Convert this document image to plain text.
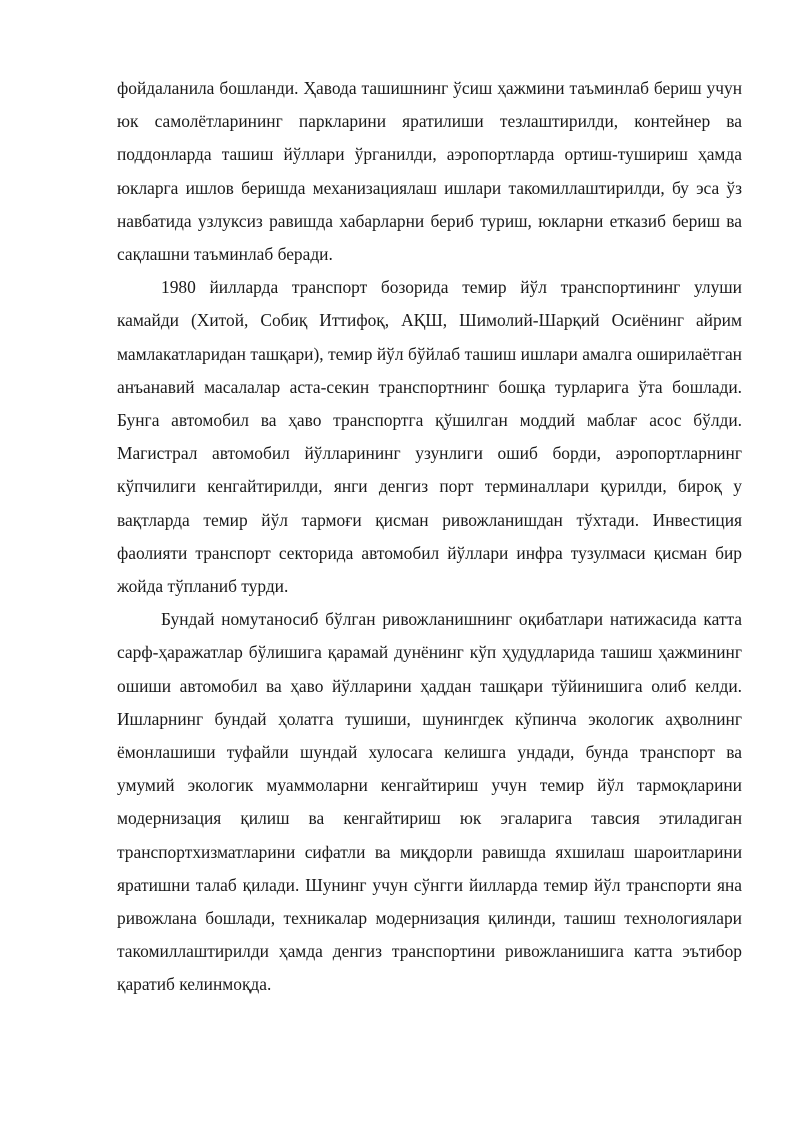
фойдаланила бошланди. Ҳавода ташишнинг ўсиш ҳажмини таъминлаб бериш учун юк самолётларининг паркларини яратилиши тезлаштирилди, контейнер ва поддонларда ташиш йўллари ўрганилди, аэропортларда ортиш-тушириш ҳамда юкларга ишлов беришда механизациялаш ишлари такомиллаштирилди, бу эса ўз навбатида узлуксиз равишда хабарларни бериб туриш, юкларни етказиб бериш ва сақлашни таъминлаб беради.

1980 йилларда транспорт бозорида темир йўл транспортининг улуши камайди (Хитой, Собиқ Иттифоқ, АҚШ, Шимолий-Шарқий Осиёнинг айрим мамлакатларидан ташқари), темир йўл бўйлаб ташиш ишлари амалга оширилаётган анъанавий масалалар аста-секин транспортнинг бошқа турларига ўта бошлади. Бунга автомобил ва ҳаво транспортга қўшилган моддий маблағ асос бўлди. Магистрал автомобил йўлларининг узунлиги ошиб борди, аэропортларнинг кўпчилиги кенгайтирилди, янги денгиз порт терминаллари қурилди, бироқ у вақтларда темир йўл тармоғи қисман ривожланишдан тўхтади. Инвестиция фаолияти транспорт секторида автомобил йўллари инфра тузулмаси қисман бир жойда тўпланиб турди.

Бундай номутаносиб бўлган ривожланишнинг оқибатлари натижасида катта сарф-ҳаражатлар бўлишига қарамай дунёнинг кўп ҳудудларида ташиш ҳажмининг ошиши автомобил ва ҳаво йўлларини ҳаддан ташқари тўйинишига олиб келди. Ишларнинг бундай ҳолатга тушиши, шунингдек кўпинча экологик аҳволнинг ёмонлашиши туфайли шундай хулосага келишга ундади, бунда транспорт ва умумий экологик муаммоларни кенгайтириш учун темир йўл тармоқларини модернизация қилиш ва кенгайтириш юк эгаларига тавсия этиладиган транспортхизматларини сифатли ва миқдорли равишда яхшилаш шароитларини яратишни талаб қилади. Шунинг учун сўнгги йилларда темир йўл транспорти яна ривожлана бошлади, техникалар модернизация қилинди, ташиш технологиялари такомиллаштирилди ҳамда денгиз транспортини ривожланишига катта эътибор қаратиб келинмоқда.
